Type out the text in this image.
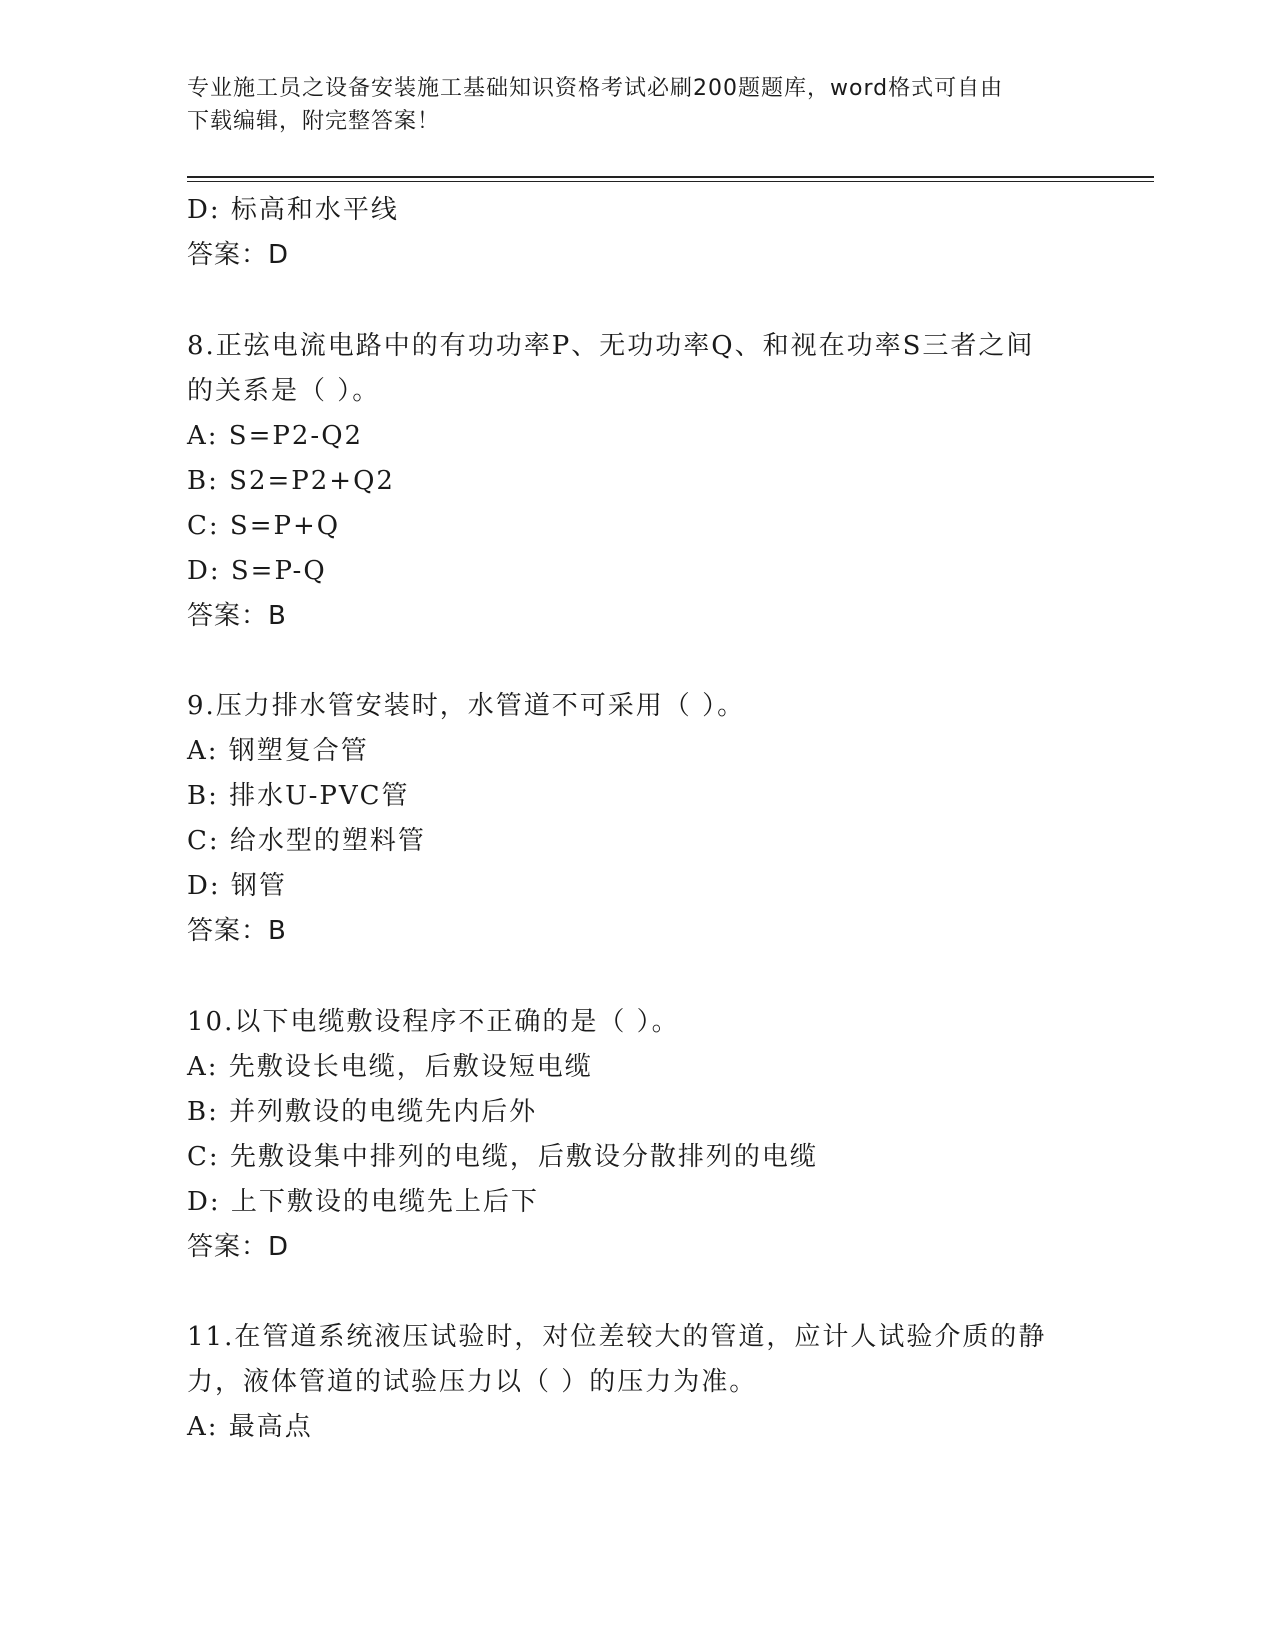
专业施工员之设备安装施工基础知识资格考试必刷200题题库，word格式可自由
下载编辑，附完整答案！
D: 标高和水平线
答案：D
8.正弦电流电路中的有功功率P、无功功率Q、和视在功率S三者之间
的关系是（ ）。
A: S=P2-Q2
B: S2=P2+Q2
C: S=P+Q
D: S=P-Q
答案：B
9.压力排水管安装时，水管道不可采用（ ）。
A: 钢塑复合管
B: 排水U-PVC管
C: 给水型的塑料管
D: 钢管
答案：B
10.以下电缆敷设程序不正确的是（ ）。
A: 先敷设长电缆，后敷设短电缆
B: 并列敷设的电缆先内后外
C: 先敷设集中排列的电缆，后敷设分散排列的电缆
D: 上下敷设的电缆先上后下
答案：D
11.在管道系统液压试验时，对位差较大的管道，应计人试验介质的静
力，液体管道的试验压力以（ ）的压力为准。
A: 最高点
